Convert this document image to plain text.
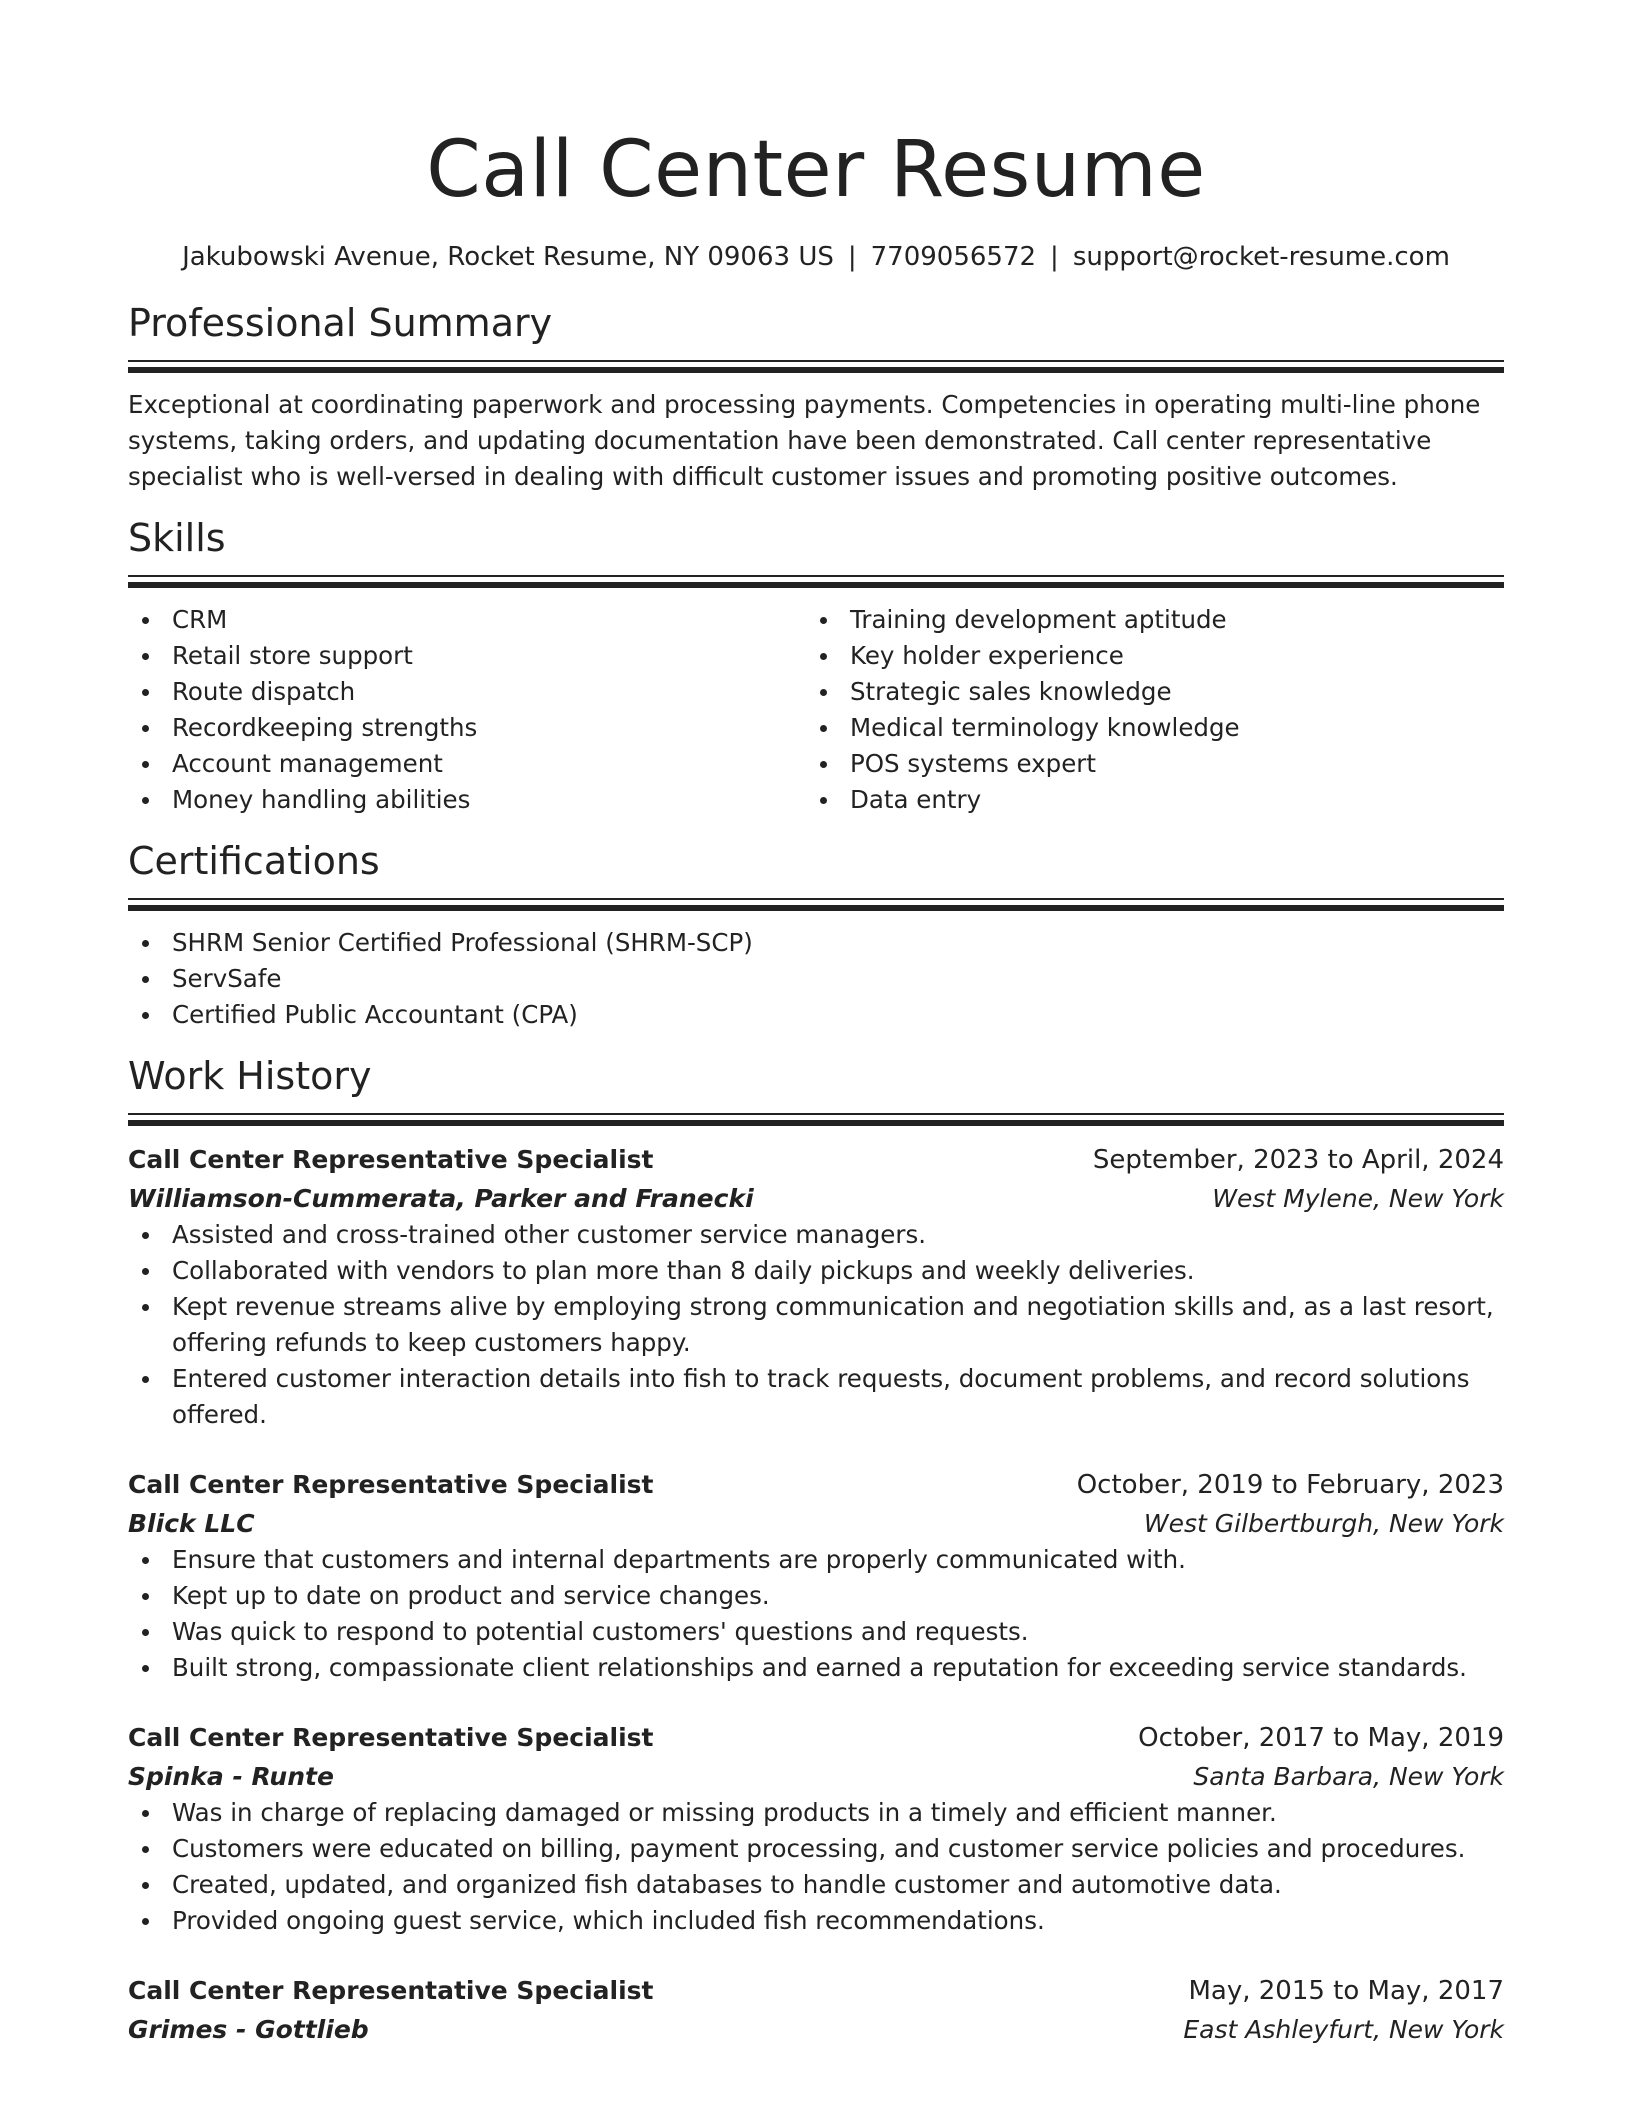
Call Center Resume
Jakubowski Avenue, Rocket Resume, NY 09063 US | 7709056572 | support@rocket-resume.com
Professional Summary

Exceptional at coordinating paperwork and processing payments. Competencies in operating multi-line phone systems, taking orders, and updating documentation have been demonstrated. Call center representative specialist who is well-versed in dealing with difficult customer issues and promoting positive outcomes.

Skills
CRM
Retail store support
Route dispatch
Recordkeeping strengths
Account management
Money handling abilities
Training development aptitude
Key holder experience
Strategic sales knowledge
Medical terminology knowledge
POS systems expert
Data entry
Certifications
SHRM Senior Certified Professional (SHRM-SCP)
ServSafe
Certified Public Accountant (CPA)
Work History
Call Center Representative Specialist	September, 2023 to April, 2024
Williamson-Cummerata, Parker and Franecki	West Mylene, New York
Assisted and cross-trained other customer service managers.
Collaborated with vendors to plan more than 8 daily pickups and weekly deliveries.
Kept revenue streams alive by employing strong communication and negotiation skills and, as a last resort, offering refunds to keep customers happy.
Entered customer interaction details into fish to track requests, document problems, and record solutions offered.
Call Center Representative Specialist	October, 2019 to February, 2023
Blick LLC	West Gilbertburgh, New York
Ensure that customers and internal departments are properly communicated with.
Kept up to date on product and service changes.
Was quick to respond to potential customers' questions and requests.
Built strong, compassionate client relationships and earned a reputation for exceeding service standards.
Call Center Representative Specialist	October, 2017 to May, 2019
Spinka - Runte	Santa Barbara, New York
Was in charge of replacing damaged or missing products in a timely and efficient manner.
Customers were educated on billing, payment processing, and customer service policies and procedures.
Created, updated, and organized fish databases to handle customer and automotive data.
Provided ongoing guest service, which included fish recommendations.
Call Center Representative Specialist	May, 2015 to May, 2017
Grimes - Gottlieb	East Ashleyfurt, New York
